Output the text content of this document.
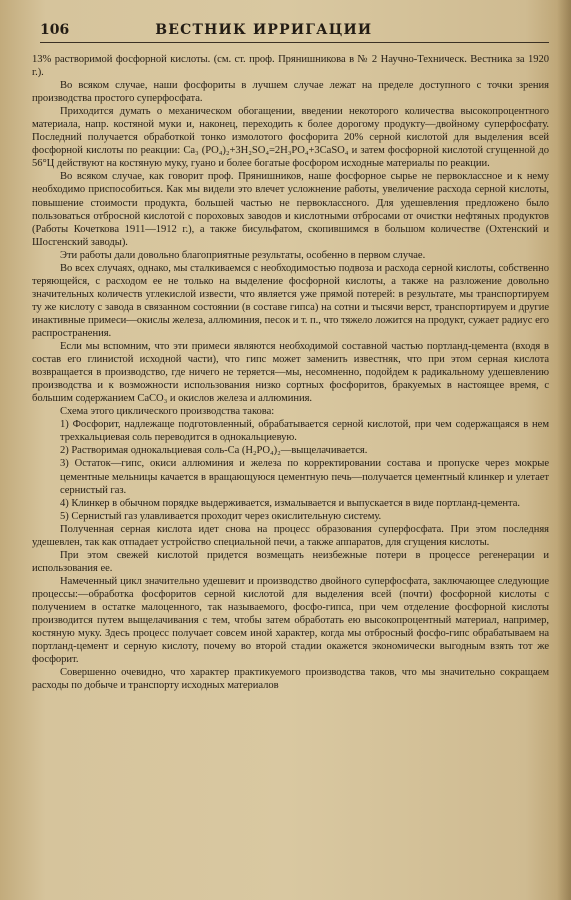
106	ВЕСТНИК ИРРИГАЦИИ

13% растворимой фосфорной кислоты. (см. ст. проф. Прянишникова в № 2 Научно-Техническ. Вестника за 1920 г.).

Во всяком случае, наши фосфориты в лучшем случае лежат на пределе доступного с точки зрения производства простого суперфосфата.

Приходится думать о механическом обогащении, введении некоторого количества высокопроцентного материала, напр. костяной муки и, наконец, переходить к более дорогому продукту—двойному суперфосфату. Последний получается обработкой тонко измолотого фосфорита 20% серной кислотой для выделения всей фосфорной кислоты по реакции: Ca₃ (PO₄)₂+3H₂SO₄=2H₃PO₄+3CaSO₄ и затем фосфорной кислотой сгущенной до 56°Ц действуют на костяную муку, гуано и более богатые фосфором исходные материалы по реакции.

Во всяком случае, как говорит проф. Прянишников, наше фосфорное сырье не первоклассное и к нему необходимо приспособиться. Как мы видели это влечет усложнение работы, увеличение расхода серной кислоты, повышение стоимости продукта, большей частью не первоклассного. Для удешевления предложено было пользоваться отбросной кислотой с пороховых заводов и кислотными отбросами от очистки нефтяных продуктов (Работы Кочеткова 1911—1912 г.), а также бисульфатом, скопившимся в большом количестве (Охтенский и Шосгенский заводы).

Эти работы дали довольно благоприятные результаты, особенно в первом случае.

Во всех случаях, однако, мы сталкиваемся с необходимостью подвоза и расхода серной кислоты, собственно теряющейся, с расходом ее не только на выделение фосфорной кислоты, а также на разложение довольно значительных количеств углекислой извести, что является уже прямой потерей: в результате, мы транспортируем ту же кислоту с завода в связанном состоянии (в составе гипса) на сотни и тысячи верст, транспортируем и другие инактивные примеси—окислы железа, аллюминия, песок и т. п., что тяжело ложится на продукт, сужает радиус его распространения.

Если мы вспомним, что эти примеси являются необходимой составной частью портланд-цемента (входя в состав его глинистой исходной части), что гипс может заменить известняк, что при этом серная кислота возвращается в производство, где ничего не теряется—мы, несомненно, подойдем к радикальному удешевлению производства и к возможности использования низко сортных фосфоритов, бракуемых в настоящее время, с большим содержанием CaCO₃ и окислов железа и аллюминия.

Схема этого циклического производства такова:

1) Фосфорит, надлежаще подготовленный, обрабатывается серной кислотой, при чем содержащаяся в нем трехкальциевая соль переводится в однокальциевую.

2) Растворимая однокальциевая соль-Ca (H₂PO₄)₂—выщелачивается.

3) Остаток—гипс, окиси аллюминия и железа по корректировании состава и пропуске через мокрые цементные мельницы качается в вращающуюся цементную печь—получается цементный клинкер и улетает сернистый газ.

4) Клинкер в обычном порядке выдерживается, измалывается и выпускается в виде портланд-цемента.

5) Сернистый газ улавливается проходит через окислительную систему.

Полученная серная кислота идет снова на процесс образования суперфосфата. При этом последняя удешевлен, так как отпадает устройство специальной печи, а также аппаратов, для сгущения кислоты.

При этом свежей кислотой придется возмещать неизбежные потери в процессе регенерации и использования ее.

Намеченный цикл значительно удешевит и производство двойного суперфосфата, заключающее следующие процессы:—обработка фосфоритов серной кислотой для выделения всей (почти) фосфорной кислоты с получением в остатке малоценного, так называемого, фосфо-гипса, при чем отделение фосфорной кислоты производится путем выщелачивания с тем, чтобы затем обработать ею высокопроцентный материал, например, костяную муку. Здесь процесс получает совсем иной характер, когда мы отбросный фосфо-гипс обрабатываем на портланд-цемент и серную кислоту, почему во второй стадии окажется экономически выгодным взять тот же фосфорит.

Совершенно очевидно, что характер практикуемого производства таков, что мы значительно сокращаем расходы по добыче и транспорту исходных материалов
